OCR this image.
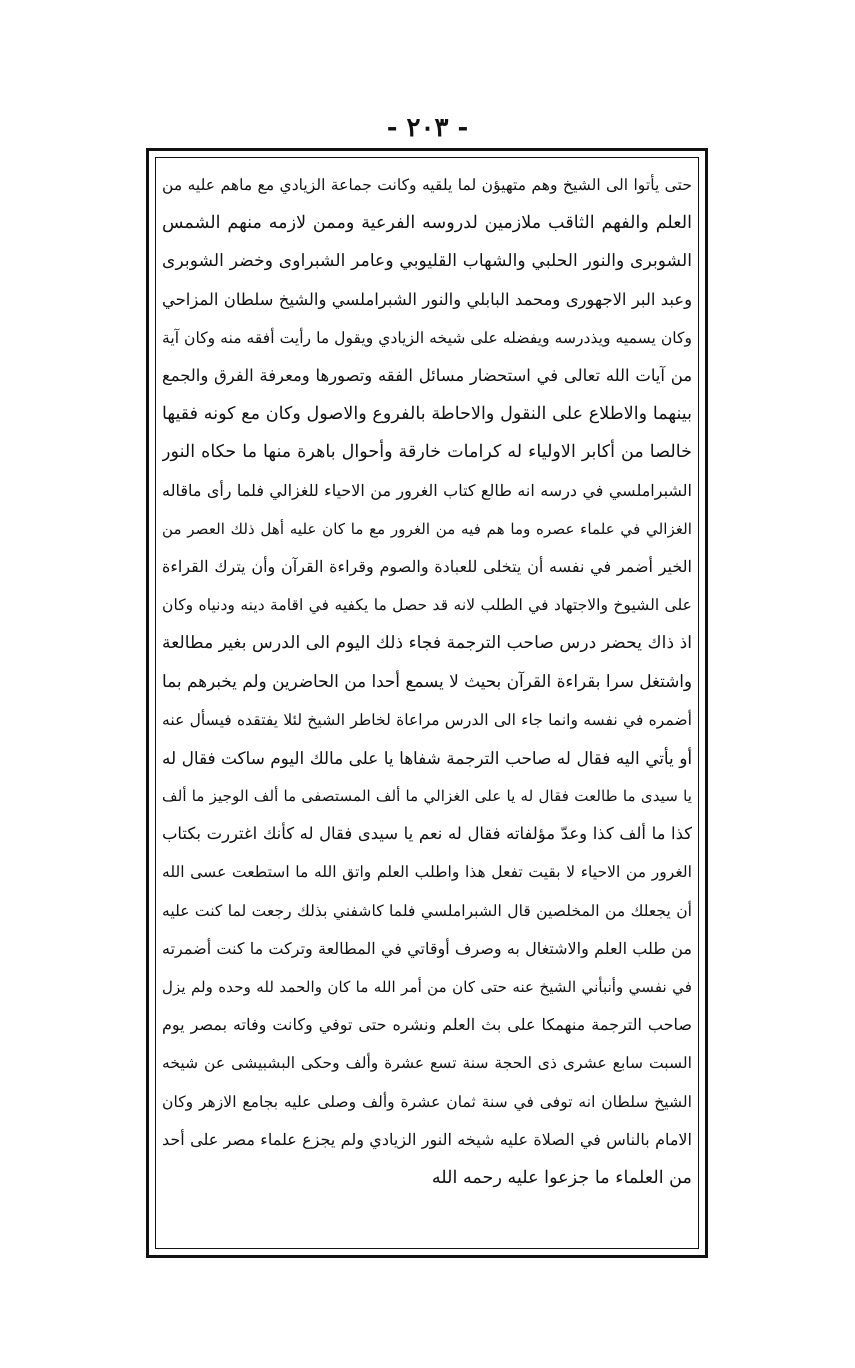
- ٢٠٣ -
حتى يأتوا الى الشيخ وهم متهيؤن لما يلقيه وكانت جماعة الزيادي مع ماهم عليه من
العلم والفهم الثاقب ملازمين لدروسه الفرعية وممن لازمه منهم الشمس
الشوبرى والنور الحلبي والشهاب القليوبي وعامر الشبراوى وخضر الشوبرى
وعبد البر الاجهورى ومحمد البابلي والنور الشبراملسي والشيخ سلطان المزاحي
وكان يسميه ويذدرسه ويفضله على شيخه الزيادي ويقول ما رأيت أفقه منه وكان آية
من آيات الله تعالى في استحضار مسائل الفقه وتصورها ومعرفة الفرق والجمع
بينهما والاطلاع على النقول والاحاطة بالفروع والاصول وكان مع كونه فقيها
خالصا من أكابر الاولياء له كرامات خارقة وأحوال باهرة منها ما حكاه النور
الشبراملسي في درسه انه طالع كتاب الغرور من الاحياء للغزالي فلما رأى ماقاله
الغزالي في علماء عصره وما هم فيه من الغرور مع ما كان عليه أهل ذلك العصر من
الخير أضمر في نفسه أن يتخلى للعبادة والصوم وقراءة القرآن وأن يترك القراءة
على الشيوخ والاجتهاد في الطلب لانه قد حصل ما يكفيه في اقامة دينه ودنياه وكان
اذ ذاك يحضر درس صاحب الترجمة فجاء ذلك اليوم الى الدرس بغير مطالعة
واشتغل سرا بقراءة القرآن بحيث لا يسمع أحدا من الحاضرين ولم يخبرهم بما
أضمره في نفسه وانما جاء الى الدرس مراعاة لخاطر الشيخ لئلا يفتقده فيسأل عنه
أو يأتي اليه فقال له صاحب الترجمة شفاها يا على مالك اليوم ساكت فقال له
يا سيدى ما طالعت فقال له يا على الغزالي ما ألف المستصفى ما ألف الوجيز ما ألف
كذا ما ألف كذا وعدّ مؤلفاته فقال له نعم يا سيدى فقال له كأنك اغتررت بكتاب
الغرور من الاحياء لا بقيت تفعل هذا واطلب العلم واتق الله ما استطعت عسى الله
أن يجعلك من المخلصين قال الشبراملسي فلما كاشفني بذلك رجعت لما كنت عليه
من طلب العلم والاشتغال به وصرف أوقاتي في المطالعة وتركت ما كنت أضمرته
في نفسي وأنبأني الشيخ عنه حتى كان من أمر الله ما كان والحمد لله وحده ولم يزل
صاحب الترجمة منهمكا على بث العلم ونشره حتى توفي وكانت وفاته بمصر يوم
السبت سابع عشرى ذى الحجة سنة تسع عشرة وألف وحكى البشبيشى عن شيخه
الشيخ سلطان انه توفى في سنة ثمان عشرة وألف وصلى عليه بجامع الازهر وكان
الامام بالناس في الصلاة عليه شيخه النور الزيادي ولم يجزع علماء مصر على أحد
من العلماء ما جزعوا عليه رحمه الله
